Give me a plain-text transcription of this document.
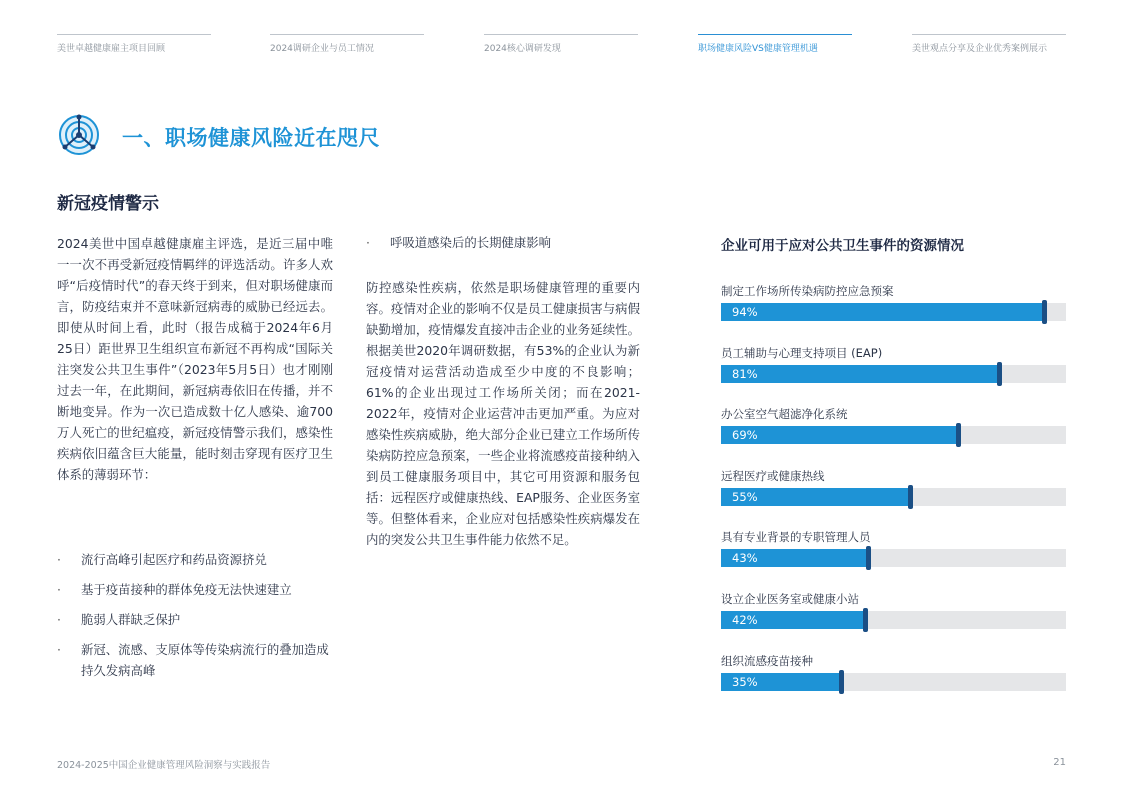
美世卓越健康雇主项目回顾	2024调研企业与员工情况	2024核心调研发现	职场健康风险VS健康管理机遇	美世观点分享及企业优秀案例展示
一、职场健康风险近在咫尺
新冠疫情警示

2024美世中国卓越健康雇主评选，是近三届中唯一一次不再受新冠疫情羁绊的评选活动。许多人欢呼“后疫情时代”的春天终于到来，但对职场健康而言，防疫结束并不意味新冠病毒的威胁已经远去。即使从时间上看，此时（报告成稿于2024年6月25日）距世界卫生组织宣布新冠不再构成“国际关注突发公共卫生事件”（2023年5月5日）也才刚刚过去一年，在此期间，新冠病毒依旧在传播，并不断地变异。作为一次已造成数十亿人感染、逾700万人死亡的世纪瘟疫，新冠疫情警示我们，感染性疾病依旧蕴含巨大能量，能时刻击穿现有医疗卫生体系的薄弱环节：

·	流行高峰引起医疗和药品资源挤兑
·	基于疫苗接种的群体免疫无法快速建立
·	脆弱人群缺乏保护
·	新冠、流感、支原体等传染病流行的叠加造成持久发病高峰
·	呼吸道感染后的长期健康影响

防控感染性疾病，依然是职场健康管理的重要内容。疫情对企业的影响不仅是员工健康损害与病假缺勤增加，疫情爆发直接冲击企业的业务延续性。根据美世2020年调研数据，有53%的企业认为新冠疫情对运营活动造成至少中度的不良影响；61%的企业出现过工作场所关闭；而在2021-2022年，疫情对企业运营冲击更加严重。为应对感染性疾病威胁，绝大部分企业已建立工作场所传染病防控应急预案，一些企业将流感疫苗接种纳入到员工健康服务项目中，其它可用资源和服务包括：远程医疗或健康热线、EAP服务、企业医务室等。但整体看来，企业应对包括感染性疾病爆发在内的突发公共卫生事件能力依然不足。

企业可用于应对公共卫生事件的资源情况
制定工作场所传染病防控应急预案
94%
员工辅助与心理支持项目 (EAP)
81%
办公室空气超滤净化系统
69%
远程医疗或健康热线
55%
具有专业背景的专职管理人员
43%
设立企业医务室或健康小站
42%
组织流感疫苗接种
35%
2024-2025中国企业健康管理风险洞察与实践报告	21
